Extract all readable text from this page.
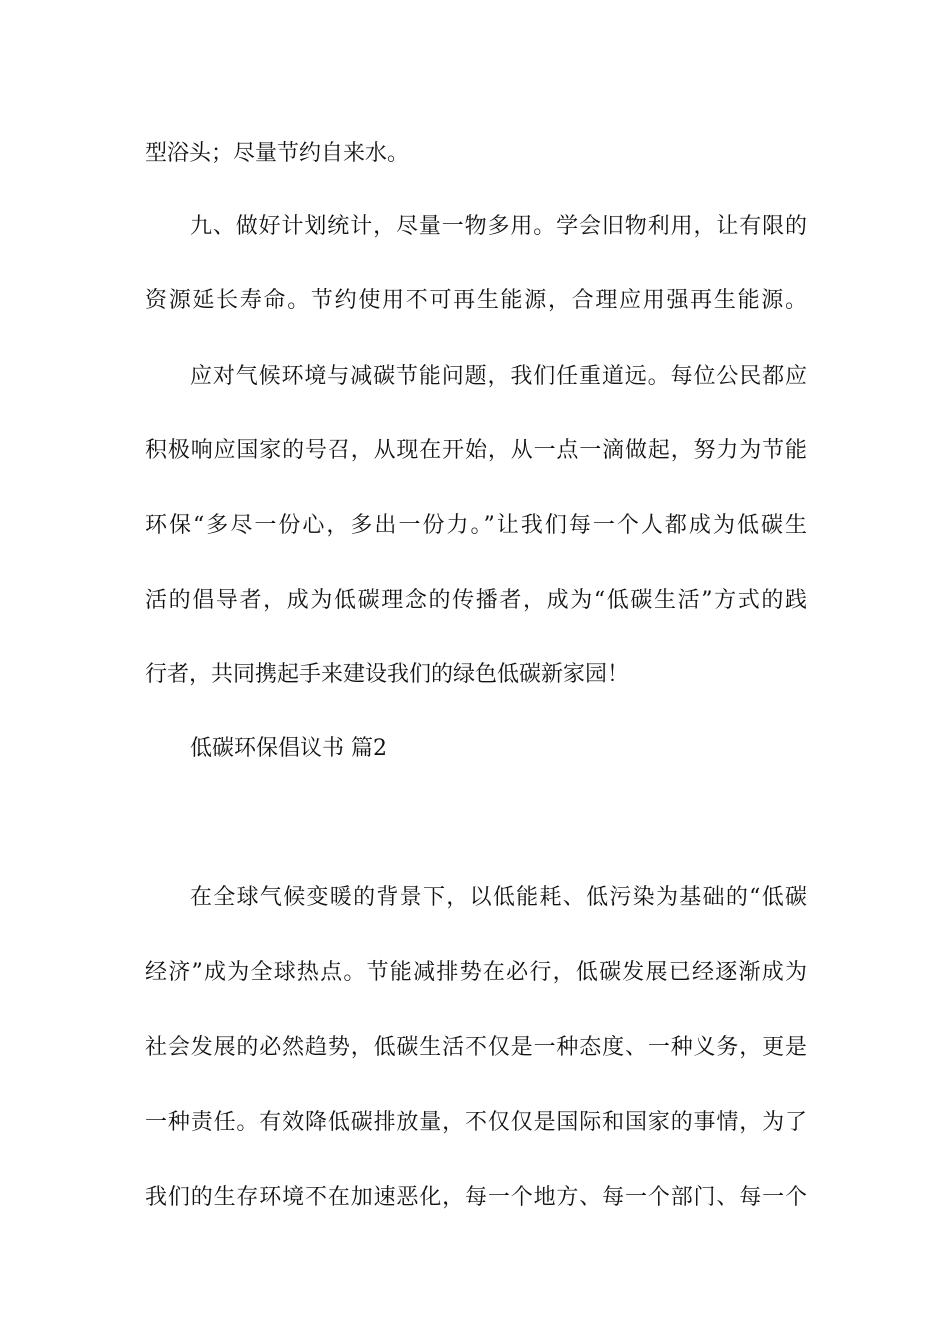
型浴头；尽量节约自来水。
九、做好计划统计，尽量一物多用。学会旧物利用，让有限的
资源延长寿命。节约使用不可再生能源，合理应用强再生能源。
应对气候环境与减碳节能问题，我们任重道远。每位公民都应
积极响应国家的号召，从现在开始，从一点一滴做起，努力为节能
环保“多尽一份心，多出一份力。”让我们每一个人都成为低碳生
活的倡导者，成为低碳理念的传播者，成为“低碳生活”方式的践
行者，共同携起手来建设我们的绿色低碳新家园！
低碳环保倡议书 篇2
在全球气候变暖的背景下，以低能耗、低污染为基础的“低碳
经济”成为全球热点。节能减排势在必行，低碳发展已经逐渐成为
社会发展的必然趋势，低碳生活不仅是一种态度、一种义务，更是
一种责任。有效降低碳排放量，不仅仅是国际和国家的事情，为了
我们的生存环境不在加速恶化，每一个地方、每一个部门、每一个
